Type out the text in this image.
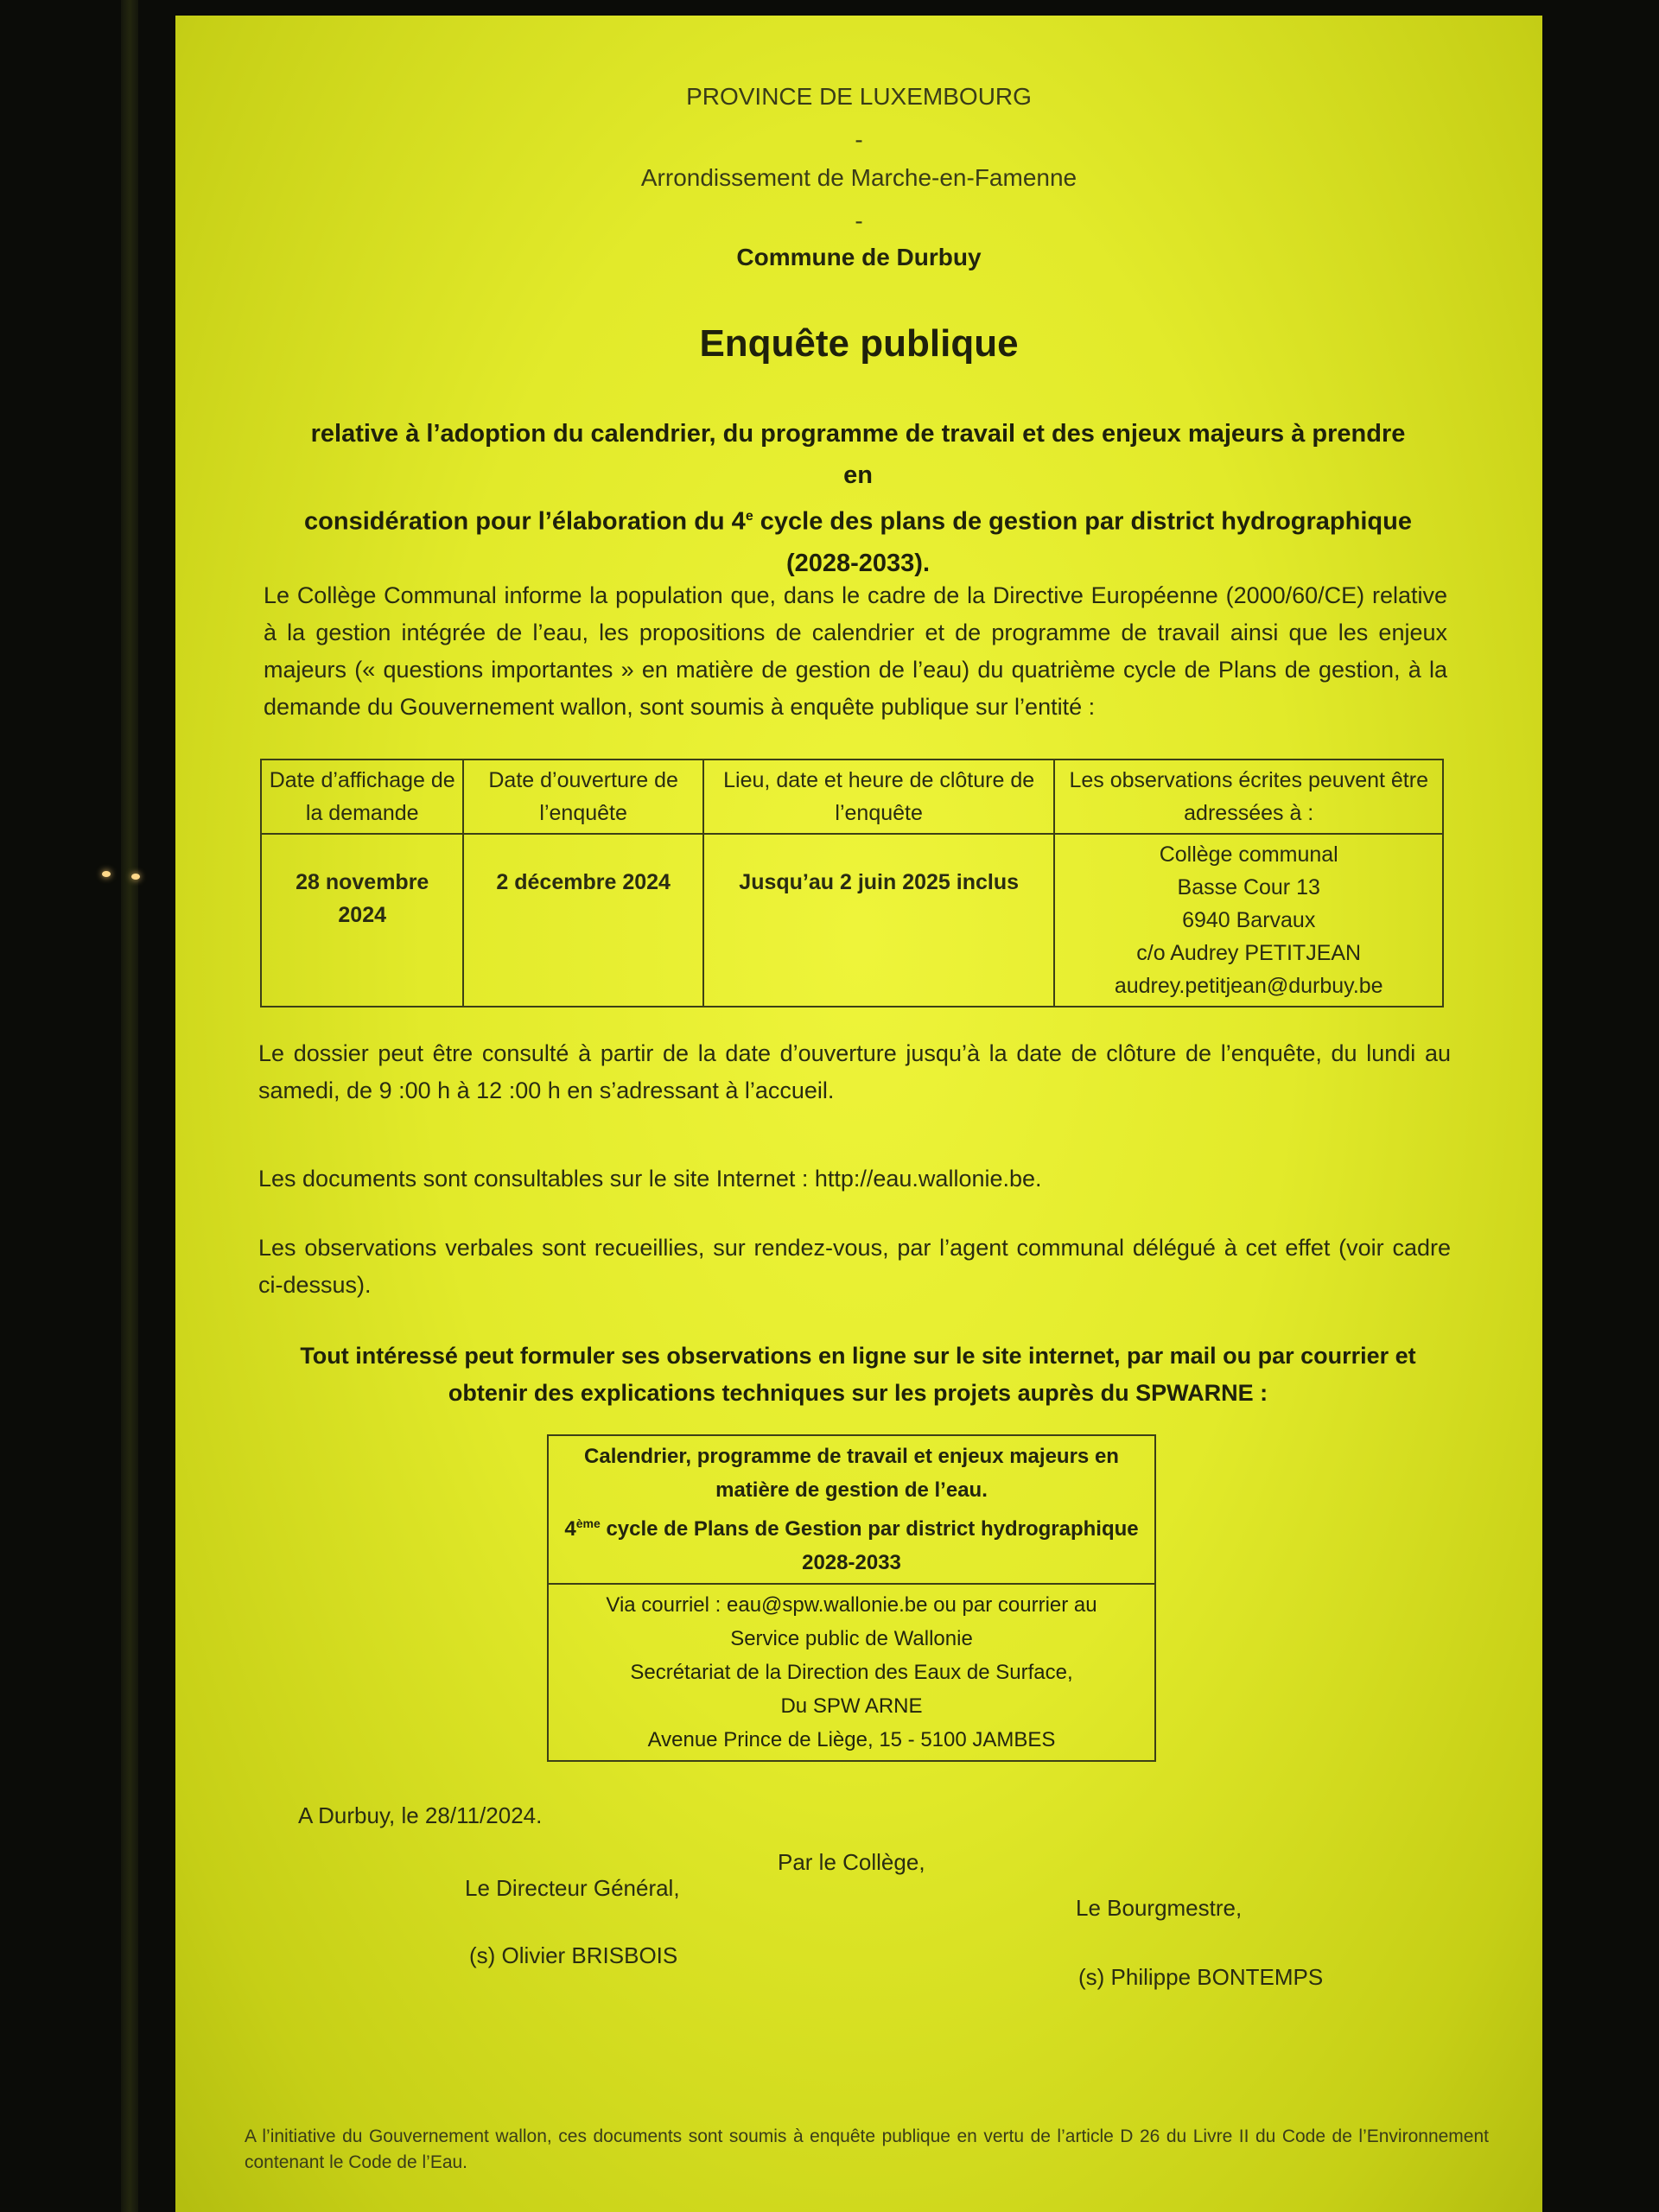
PROVINCE DE LUXEMBOURG
-
Arrondissement de Marche-en-Famenne
-
Commune de Durbuy
Enquête publique
relative à l’adoption du calendrier, du programme de travail et des enjeux majeurs à prendre en
considération pour l’élaboration du 4e cycle des plans de gestion par district hydrographique
(2028-2033).
Le Collège Communal informe la population que, dans le cadre de la Directive Européenne (2000/60/CE) relative à la gestion intégrée de l’eau, les propositions de calendrier et de programme de travail ainsi que les enjeux majeurs (« questions importantes » en matière de gestion de l’eau) du quatrième cycle de Plans de gestion, à la demande du Gouvernement wallon, sont soumis à enquête publique sur l’entité :
Date d’affichage de la demande	Date d’ouverture de l’enquête	Lieu, date et heure de clôture de l’enquête	Les observations écrites peuvent être adressées à :
28 novembre 2024	2 décembre 2024	Jusqu’au 2 juin 2025 inclus	Collège communal
Basse Cour 13
6940 Barvaux
c/o Audrey PETITJEAN
audrey.petitjean@durbuy.be
Le dossier peut être consulté à partir de la date d’ouverture jusqu’à la date de clôture de l’enquête, du lundi au samedi, de 9 :00 h à 12 :00 h en s’adressant à l’accueil.
Les documents sont consultables sur le site Internet : http://eau.wallonie.be.
Les observations verbales sont recueillies, sur rendez-vous, par l’agent communal délégué à cet effet (voir cadre ci-dessus).
Tout intéressé peut formuler ses observations en ligne sur le site internet, par mail ou par courrier et obtenir des explications techniques sur les projets auprès du SPWARNE :
Calendrier, programme de travail et enjeux majeurs en
matière de gestion de l’eau.
4ème cycle de Plans de Gestion par district hydrographique
2028-2033

Via courriel : eau@spw.wallonie.be ou par courrier au
Service public de Wallonie
Secrétariat de la Direction des Eaux de Surface,
Du SPW ARNE
Avenue Prince de Liège, 15 - 5100 JAMBES
A Durbuy, le 28/11/2024.
Par le Collège,
Le Directeur Général,
Le Bourgmestre,
(s) Olivier BRISBOIS
(s) Philippe BONTEMPS
A l’initiative du Gouvernement wallon, ces documents sont soumis à enquête publique en vertu de l’article D 26 du Livre II du Code de l’Environnement contenant le Code de l’Eau.
